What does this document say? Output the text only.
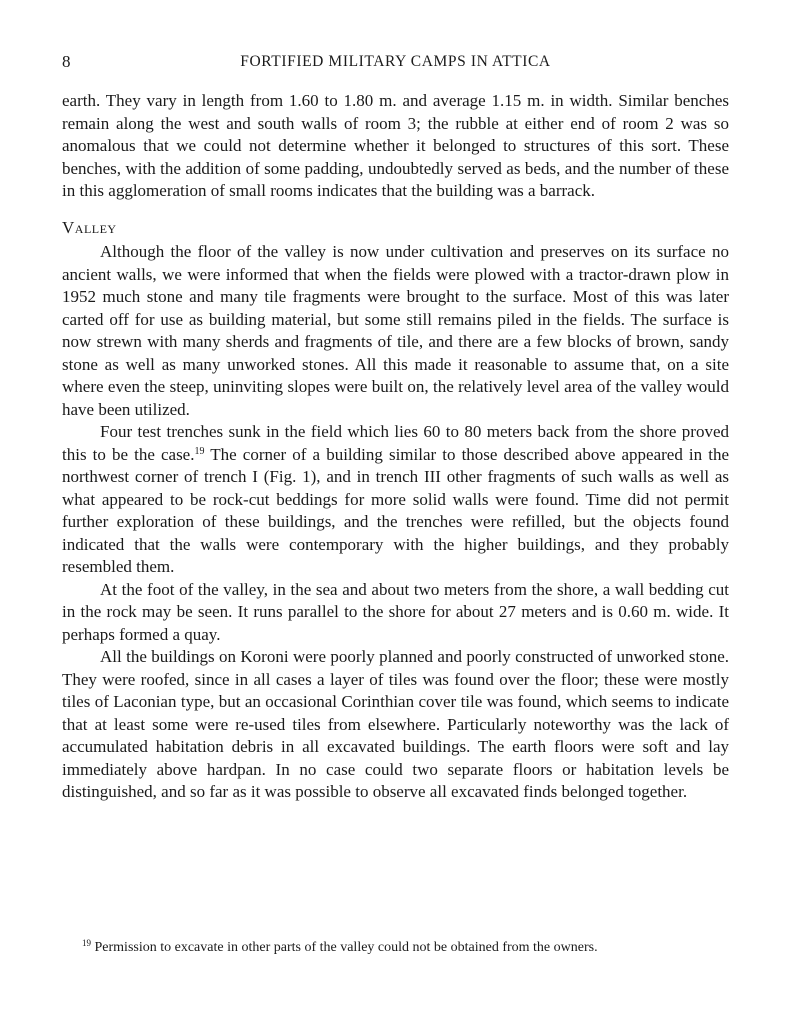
8	FORTIFIED MILITARY CAMPS IN ATTICA

earth. They vary in length from 1.60 to 1.80 m. and average 1.15 m. in width. Similar benches remain along the west and south walls of room 3; the rubble at either end of room 2 was so anomalous that we could not determine whether it belonged to structures of this sort. These benches, with the addition of some padding, undoubtedly served as beds, and the number of these in this agglomeration of small rooms indicates that the building was a barrack.

Valley

Although the floor of the valley is now under cultivation and preserves on its surface no ancient walls, we were informed that when the fields were plowed with a tractor-drawn plow in 1952 much stone and many tile fragments were brought to the surface. Most of this was later carted off for use as building material, but some still remains piled in the fields. The surface is now strewn with many sherds and fragments of tile, and there are a few blocks of brown, sandy stone as well as many unworked stones. All this made it reasonable to assume that, on a site where even the steep, uninviting slopes were built on, the relatively level area of the valley would have been utilized.

Four test trenches sunk in the field which lies 60 to 80 meters back from the shore proved this to be the case.$^{19}$ The corner of a building similar to those described above appeared in the northwest corner of trench I (Fig. 1), and in trench III other fragments of such walls as well as what appeared to be rock-cut beddings for more solid walls were found. Time did not permit further exploration of these buildings, and the trenches were refilled, but the objects found indicated that the walls were contemporary with the higher buildings, and they probably resembled them.

At the foot of the valley, in the sea and about two meters from the shore, a wall bedding cut in the rock may be seen. It runs parallel to the shore for about 27 meters and is 0.60 m. wide. It perhaps formed a quay.

All the buildings on Koroni were poorly planned and poorly constructed of unworked stone. They were roofed, since in all cases a layer of tiles was found over the floor; these were mostly tiles of Laconian type, but an occasional Corinthian cover tile was found, which seems to indicate that at least some were re-used tiles from elsewhere. Particularly noteworthy was the lack of accumulated habitation debris in all excavated buildings. The earth floors were soft and lay immediately above hardpan. In no case could two separate floors or habitation levels be distinguished, and so far as it was possible to observe all excavated finds belonged together.

$^{19}$ Permission to excavate in other parts of the valley could not be obtained from the owners.
